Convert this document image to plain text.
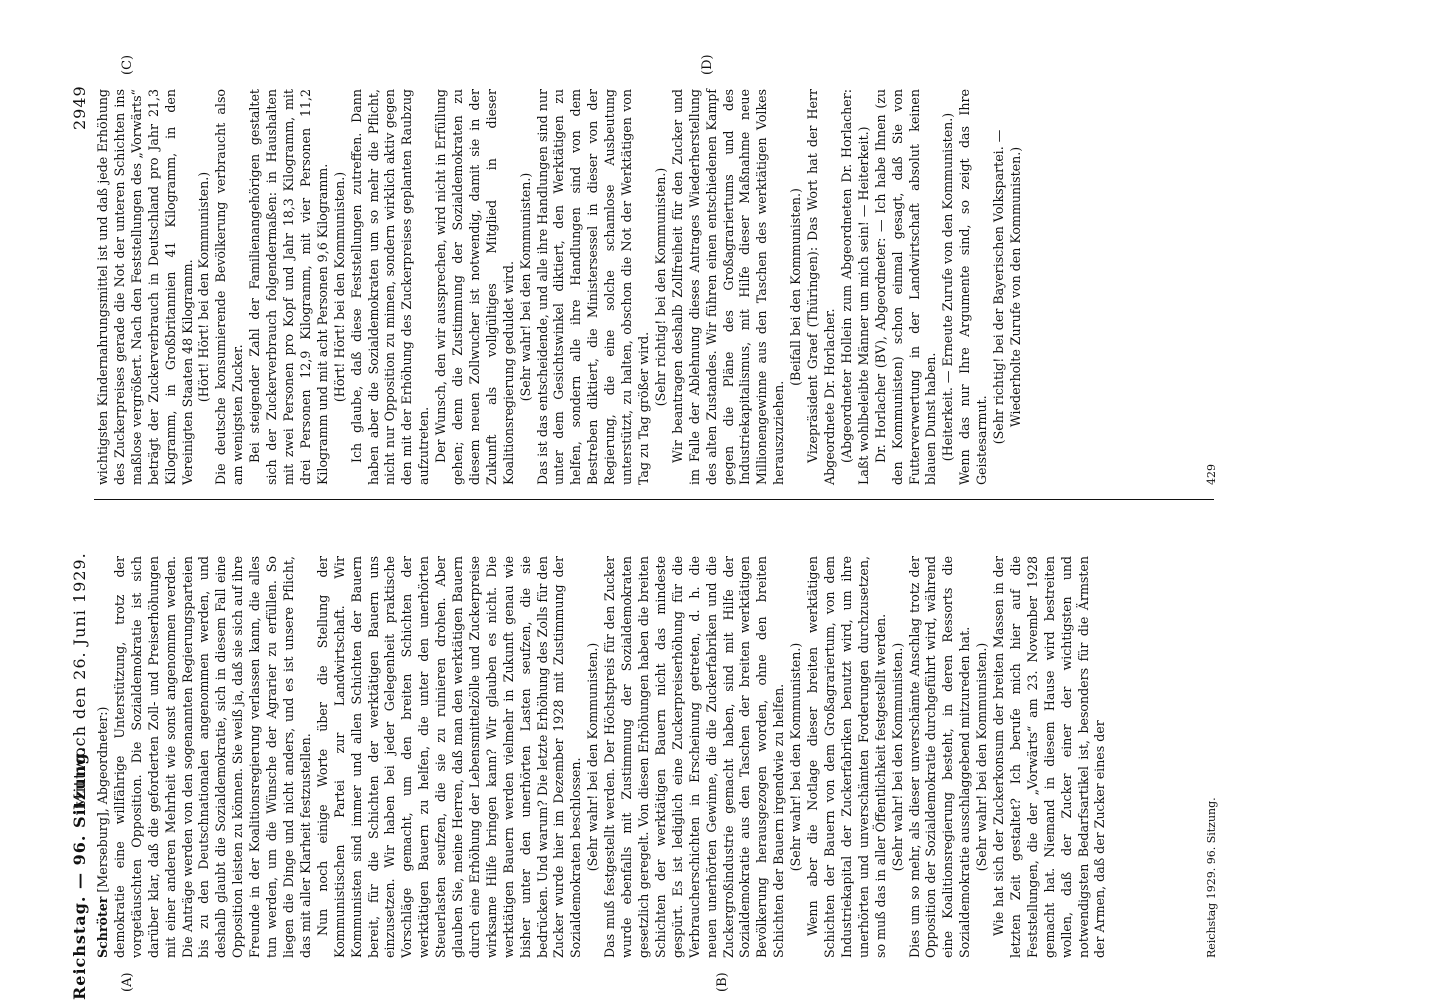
Reichstag. — 96. Sitzung.
Mittwoch den 26. Juni 1929.
2949
(A)	(B)
(C)	(D)

Schröter [Merseburg], Abgeordneter:) demokratie eine willfährige Unterstützung, trotz der vorgetäuschten Opposition. Die Sozialdemokratie ist sich darüber klar, daß die geforderten Zoll- und Preiserhöhungen mit einer anderen Mehrheit wie sonst angenommen werden. Die Anträge werden von den sogenannten Regierungsparteien bis zu den Deutschnationalen angenommen werden, und deshalb glaubt die Sozialdemokratie, sich in diesem Fall eine Opposition leisten zu können. Sie weiß ja, daß sie sich auf ihre Freunde in der Koalitionsregierung verlassen kann, die alles tun werden, um die Wünsche der Agrarier zu erfüllen. So liegen die Dinge und nicht anders, und es ist unsere Pflicht, das mit aller Klarheit festzustellen. Nun noch einige Worte über die Stellung der Kommunistischen Partei zur Landwirtschaft. Wir Kommunisten sind immer und allen Schichten der Bauern bereit, für die Schichten der werktätigen Bauern uns einzusetzen. Wir haben bei jeder Gelegenheit praktische Vorschläge gemacht, um den breiten Schichten der werktätigen Bauern zu helfen, die unter den unerhörten Steuerlasten seufzen, die sie zu ruinieren drohen. Aber glauben Sie, meine Herren, daß man den werktätigen Bauern durch eine Erhöhung der Lebensmittelzölle und Zuckerpreise wirksame Hilfe bringen kann? Wir glauben es nicht. Die werktätigen Bauern werden vielmehr in Zukunft genau wie bisher unter den unerhörten Lasten seufzen, die sie bedrücken. Und warum? Die letzte Erhöhung des Zolls für den Zucker wurde hier im Dezember 1928 mit Zustimmung der Sozialdemokraten beschlossen. (Sehr wahr! bei den Kommunisten.) Das muß festgestellt werden. Der Höchstpreis für den Zucker wurde ebenfalls mit Zustimmung der Sozialdemokraten gesetzlich geregelt. Von diesen Erhöhungen haben die breiten Schichten der werktätigen Bauern nicht das mindeste gespürt. Es ist lediglich eine Zuckerpreiserhöhung für die Verbraucherschichten in Erscheinung getreten, d. h. die neuen unerhörten Gewinne, die die Zuckerfabriken und die Zuckergroßindustrie gemacht haben, sind mit Hilfe der Sozialdemokratie aus den Taschen der breiten werktätigen Bevölkerung herausgezogen worden, ohne den breiten Schichten der Bauern irgendwie zu helfen. (Sehr wahr! bei den Kommunisten.) Wenn aber die Notlage dieser breiten werktätigen Schichten der Bauern von dem Großagrariertum, von dem Industriekapital der Zuckerfabriken benutzt wird, um ihre unerhörten und unverschämten Forderungen durchzusetzen, so muß das in aller Öffentlichkeit festgestellt werden. (Sehr wahr! bei den Kommunisten.) Dies um so mehr, als dieser unverschämte Anschlag trotz der Opposition der Sozialdemokratie durchgeführt wird, während eine Koalitionsregierung besteht, in deren Ressorts die Sozialdemokratie ausschlaggebend mitzureden hat. (Sehr wahr! bei den Kommunisten.) Wie hat sich der Zuckerkonsum der breiten Massen in der letzten Zeit gestaltet? Ich berufe mich hier auf die Feststellungen, die der „Vorwärts“ am 23. November 1928 gemacht hat. Niemand in diesem Hause wird bestreiten wollen, daß der Zucker einer der wichtigsten und notwendigsten Bedarfsartikel ist, besonders für die Ärmsten der Armen, daß der Zucker eines der

wichtigsten Kindernahrungsmittel ist und daß jede Erhöhung des Zuckerpreises gerade die Not der unteren Schichten ins maßlose vergrößert. Nach den Feststellungen des „Vorwärts“ beträgt der Zuckerverbrauch in Deutschland pro Jahr 21,3 Kilogramm, in Großbritannien 41 Kilogramm, in den Vereinigten Staaten 48 Kilogramm. (Hört! Hört! bei den Kommunisten.) Die deutsche konsumierende Bevölkerung verbraucht also am wenigsten Zucker. Bei steigender Zahl der Familienangehörigen gestaltet sich der Zuckerverbrauch folgendermaßen: in Haushalten mit zwei Personen pro Kopf und Jahr 18,3 Kilogramm, mit drei Personen 12,9 Kilogramm, mit vier Personen 11,2 Kilogramm und mit acht Personen 9,6 Kilogramm. (Hört! Hört! bei den Kommunisten.) Ich glaube, daß diese Feststellungen zutreffen. Dann haben aber die Sozialdemokraten um so mehr die Pflicht, nicht nur Opposition zu mimen, sondern wirklich aktiv gegen den mit der Erhöhung des Zuckerpreises geplanten Raubzug aufzutreten. Der Wunsch, den wir aussprechen, wird nicht in Erfüllung gehen; denn die Zustimmung der Sozialdemokraten zu diesem neuen Zollwucher ist notwendig, damit sie in der Zukunft als vollgültiges Mitglied in dieser Koalitionsregierung geduldet wird. (Sehr wahr! bei den Kommunisten.) Das ist das entscheidende, und alle ihre Handlungen sind nur unter dem Gesichtswinkel diktiert, den Werktätigen zu helfen, sondern alle ihre Handlungen sind von dem Bestreben diktiert, die Ministersessel in dieser von der Regierung, die eine solche schamlose Ausbeutung unterstützt, zu halten, obschon die Not der Werktätigen von Tag zu Tag größer wird.

(Sehr richtig! bei den Kommunisten.) Wir beantragen deshalb Zollfreiheit für den Zucker und im Falle der Ablehnung dieses Antrages Wiederherstellung des alten Zustandes. Wir führen einen entschiedenen Kampf gegen die Pläne des Großagrariertums und des Industriekapitalismus, mit Hilfe dieser Maßnahme neue Millionengewinne aus den Taschen des werktätigen Volkes herauszuziehen.

(Beifall bei den Kommunisten.) Vizepräsident Graef (Thüringen): Das Wort hat der Herr Abgeordnete Dr. Horlacher. (Abgeordneter Hollein zum Abgeordneten Dr. Horlacher: Laßt wohlbeleibte Männer um mich sein! — Heiterkeit.) Dr. Horlacher (BV), Abgeordneter: — Ich habe Ihnen (zu den Kommunisten) schon einmal gesagt, daß Sie von Futterverwertung in der Landwirtschaft absolut keinen blauen Dunst haben. (Heiterkeit. — Erneute Zurufe von den Kommunisten.) Wenn das nur Ihre Argumente sind, so zeigt das Ihre Geistesarmut. (Sehr richtig! bei der Bayerischen Volkspartei. — Wiederholte Zurufe von den Kommunisten.)

Reichstag 1929. 96. Sitzung.
429
